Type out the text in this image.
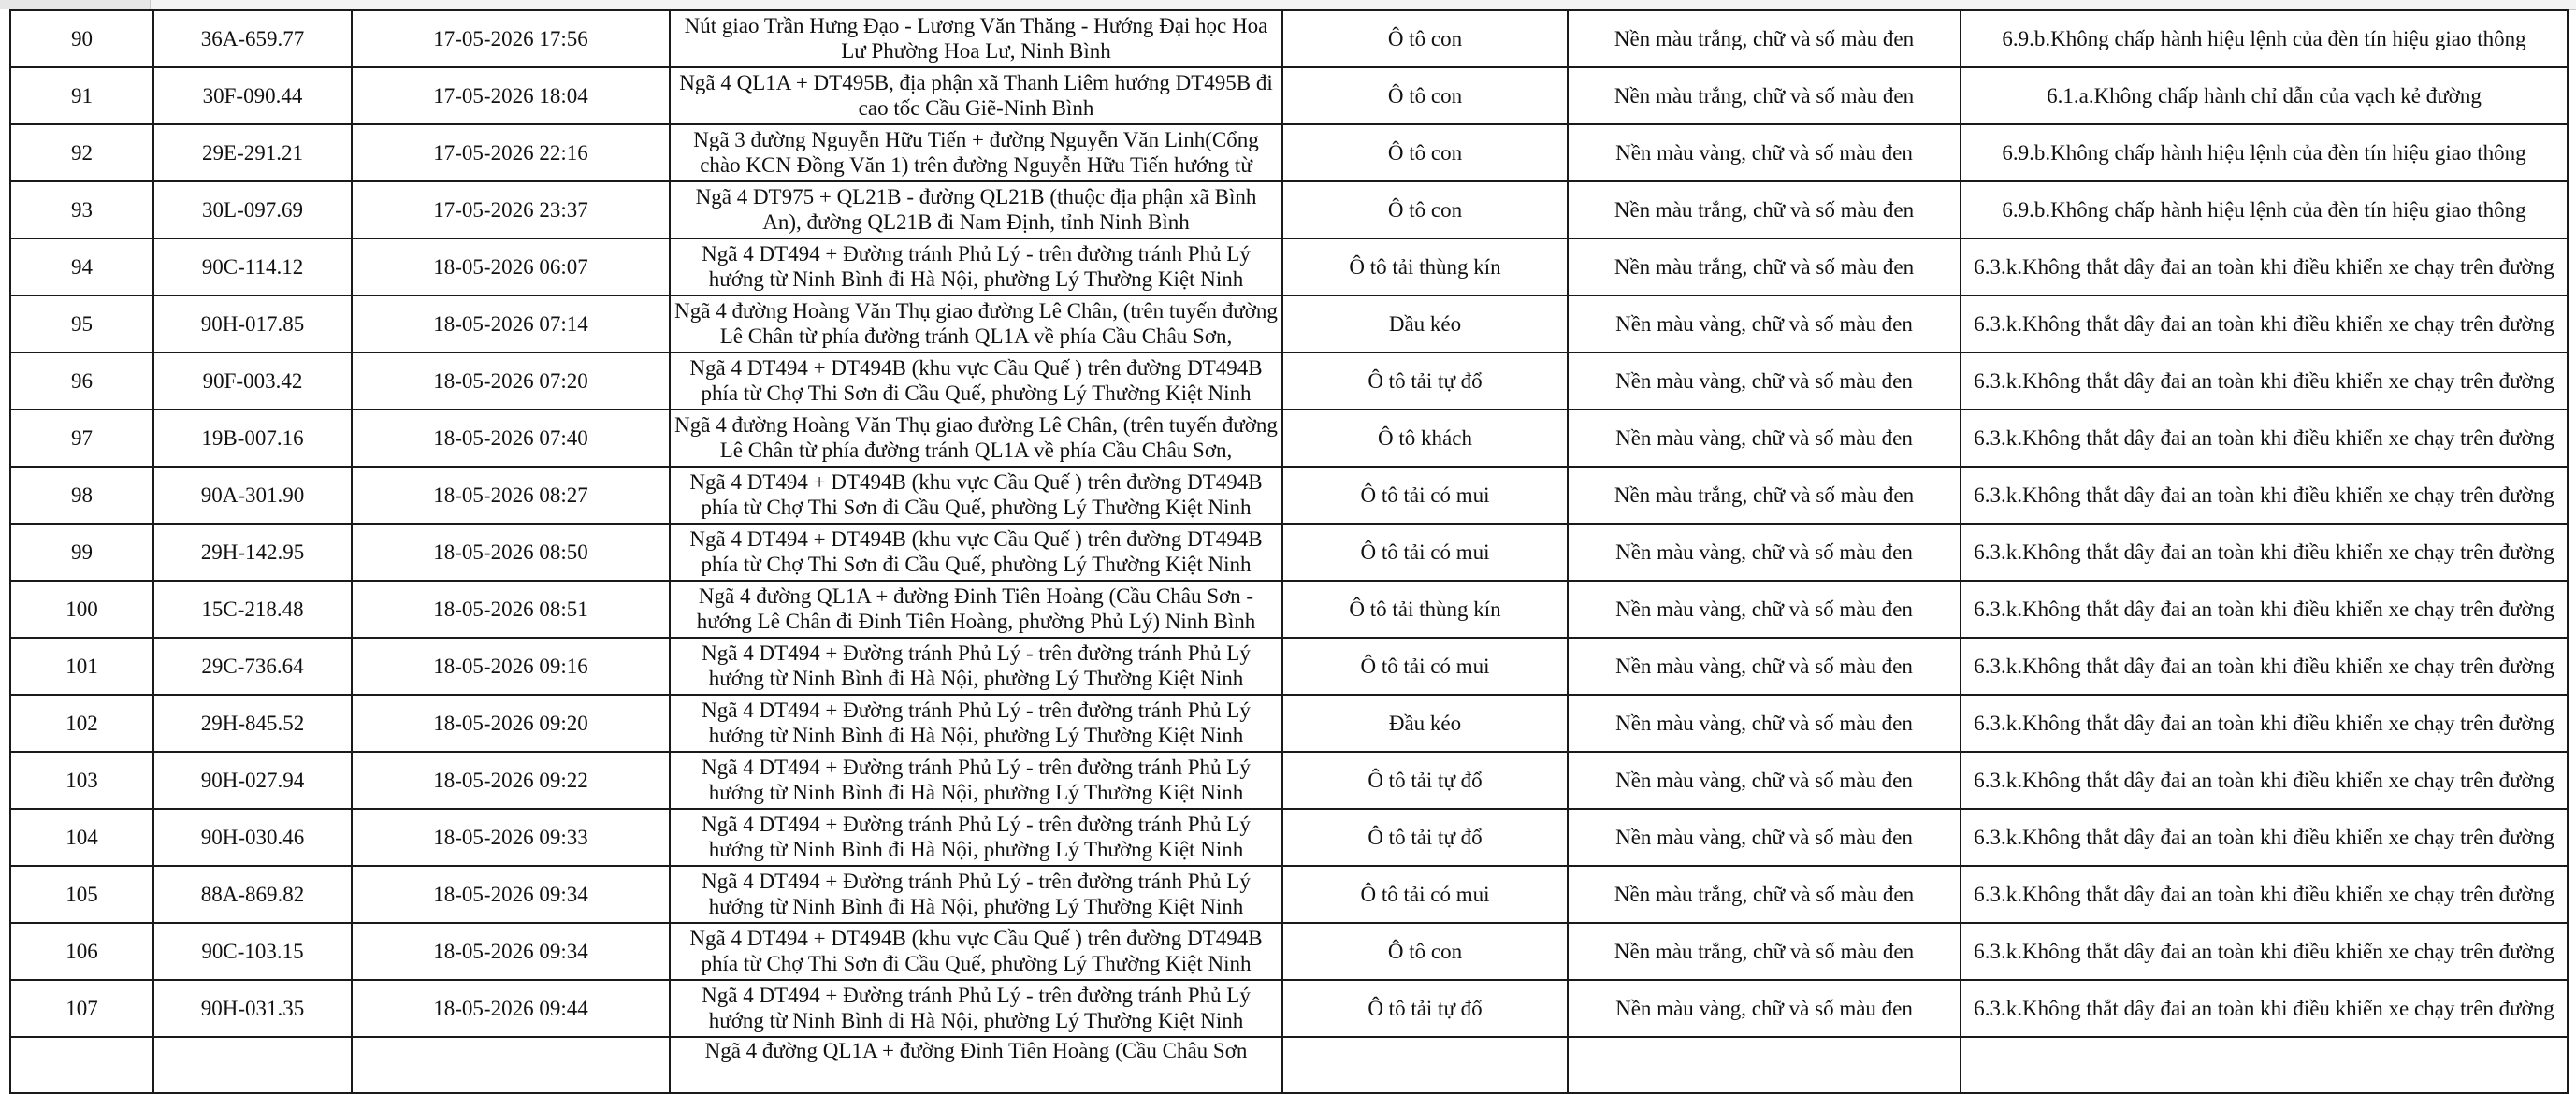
90	36A-659.77	17-05-2026 17:56	Nút giao Trần Hưng Đạo - Lương Văn Thăng - Hướng Đại học Hoa Lư Phường Hoa Lư, Ninh Bình	Ô tô con	Nền màu trắng, chữ và số màu đen	6.9.b.Không chấp hành hiệu lệnh của đèn tín hiệu giao thông
91	30F-090.44	17-05-2026 18:04	Ngã 4 QL1A + DT495B, địa phận xã Thanh Liêm hướng DT495B đi cao tốc Cầu Giẽ-Ninh Bình	Ô tô con	Nền màu trắng, chữ và số màu đen	6.1.a.Không chấp hành chỉ dẫn của vạch kẻ đường
92	29E-291.21	17-05-2026 22:16	Ngã 3 đường Nguyễn Hữu Tiến + đường Nguyễn Văn Linh(Cổng chào KCN Đồng Văn 1) trên đường Nguyễn Hữu Tiến hướng từ	Ô tô con	Nền màu vàng, chữ và số màu đen	6.9.b.Không chấp hành hiệu lệnh của đèn tín hiệu giao thông
93	30L-097.69	17-05-2026 23:37	Ngã 4 DT975 + QL21B - đường QL21B (thuộc địa phận xã Bình An), đường QL21B đi Nam Định, tỉnh Ninh Bình	Ô tô con	Nền màu trắng, chữ và số màu đen	6.9.b.Không chấp hành hiệu lệnh của đèn tín hiệu giao thông
94	90C-114.12	18-05-2026 06:07	Ngã 4 DT494 + Đường tránh Phủ Lý - trên đường tránh Phủ Lý hướng từ Ninh Bình đi Hà Nội, phường Lý Thường Kiệt Ninh	Ô tô tải thùng kín	Nền màu trắng, chữ và số màu đen	6.3.k.Không thắt dây đai an toàn khi điều khiển xe chạy trên đường
95	90H-017.85	18-05-2026 07:14	Ngã 4 đường Hoàng Văn Thụ giao đường Lê Chân, (trên tuyến đường Lê Chân từ phía đường tránh QL1A về phía Cầu Châu Sơn,	Đầu kéo	Nền màu vàng, chữ và số màu đen	6.3.k.Không thắt dây đai an toàn khi điều khiển xe chạy trên đường
96	90F-003.42	18-05-2026 07:20	Ngã 4 DT494 + DT494B (khu vực Cầu Quế ) trên đường DT494B phía từ Chợ Thi Sơn đi Cầu Quế, phường Lý Thường Kiệt Ninh	Ô tô tải tự đổ	Nền màu vàng, chữ và số màu đen	6.3.k.Không thắt dây đai an toàn khi điều khiển xe chạy trên đường
97	19B-007.16	18-05-2026 07:40	Ngã 4 đường Hoàng Văn Thụ giao đường Lê Chân, (trên tuyến đường Lê Chân từ phía đường tránh QL1A về phía Cầu Châu Sơn,	Ô tô khách	Nền màu vàng, chữ và số màu đen	6.3.k.Không thắt dây đai an toàn khi điều khiển xe chạy trên đường
98	90A-301.90	18-05-2026 08:27	Ngã 4 DT494 + DT494B (khu vực Cầu Quế ) trên đường DT494B phía từ Chợ Thi Sơn đi Cầu Quế, phường Lý Thường Kiệt Ninh	Ô tô tải có mui	Nền màu trắng, chữ và số màu đen	6.3.k.Không thắt dây đai an toàn khi điều khiển xe chạy trên đường
99	29H-142.95	18-05-2026 08:50	Ngã 4 DT494 + DT494B (khu vực Cầu Quế ) trên đường DT494B phía từ Chợ Thi Sơn đi Cầu Quế, phường Lý Thường Kiệt Ninh	Ô tô tải có mui	Nền màu vàng, chữ và số màu đen	6.3.k.Không thắt dây đai an toàn khi điều khiển xe chạy trên đường
100	15C-218.48	18-05-2026 08:51	Ngã 4 đường QL1A + đường Đinh Tiên Hoàng (Cầu Châu Sơn - hướng Lê Chân đi Đinh Tiên Hoàng, phường Phủ Lý) Ninh Bình	Ô tô tải thùng kín	Nền màu vàng, chữ và số màu đen	6.3.k.Không thắt dây đai an toàn khi điều khiển xe chạy trên đường
101	29C-736.64	18-05-2026 09:16	Ngã 4 DT494 + Đường tránh Phủ Lý - trên đường tránh Phủ Lý hướng từ Ninh Bình đi Hà Nội, phường Lý Thường Kiệt Ninh	Ô tô tải có mui	Nền màu vàng, chữ và số màu đen	6.3.k.Không thắt dây đai an toàn khi điều khiển xe chạy trên đường
102	29H-845.52	18-05-2026 09:20	Ngã 4 DT494 + Đường tránh Phủ Lý - trên đường tránh Phủ Lý hướng từ Ninh Bình đi Hà Nội, phường Lý Thường Kiệt Ninh	Đầu kéo	Nền màu vàng, chữ và số màu đen	6.3.k.Không thắt dây đai an toàn khi điều khiển xe chạy trên đường
103	90H-027.94	18-05-2026 09:22	Ngã 4 DT494 + Đường tránh Phủ Lý - trên đường tránh Phủ Lý hướng từ Ninh Bình đi Hà Nội, phường Lý Thường Kiệt Ninh	Ô tô tải tự đổ	Nền màu vàng, chữ và số màu đen	6.3.k.Không thắt dây đai an toàn khi điều khiển xe chạy trên đường
104	90H-030.46	18-05-2026 09:33	Ngã 4 DT494 + Đường tránh Phủ Lý - trên đường tránh Phủ Lý hướng từ Ninh Bình đi Hà Nội, phường Lý Thường Kiệt Ninh	Ô tô tải tự đổ	Nền màu vàng, chữ và số màu đen	6.3.k.Không thắt dây đai an toàn khi điều khiển xe chạy trên đường
105	88A-869.82	18-05-2026 09:34	Ngã 4 DT494 + Đường tránh Phủ Lý - trên đường tránh Phủ Lý hướng từ Ninh Bình đi Hà Nội, phường Lý Thường Kiệt Ninh	Ô tô tải có mui	Nền màu trắng, chữ và số màu đen	6.3.k.Không thắt dây đai an toàn khi điều khiển xe chạy trên đường
106	90C-103.15	18-05-2026 09:34	Ngã 4 DT494 + DT494B (khu vực Cầu Quế ) trên đường DT494B phía từ Chợ Thi Sơn đi Cầu Quế, phường Lý Thường Kiệt Ninh	Ô tô con	Nền màu trắng, chữ và số màu đen	6.3.k.Không thắt dây đai an toàn khi điều khiển xe chạy trên đường
107	90H-031.35	18-05-2026 09:44	Ngã 4 DT494 + Đường tránh Phủ Lý - trên đường tránh Phủ Lý hướng từ Ninh Bình đi Hà Nội, phường Lý Thường Kiệt Ninh	Ô tô tải tự đổ	Nền màu vàng, chữ và số màu đen	6.3.k.Không thắt dây đai an toàn khi điều khiển xe chạy trên đường

			Ngã 4 đường QL1A + đường Đinh Tiên Hoàng (Cầu Châu Sơn			
